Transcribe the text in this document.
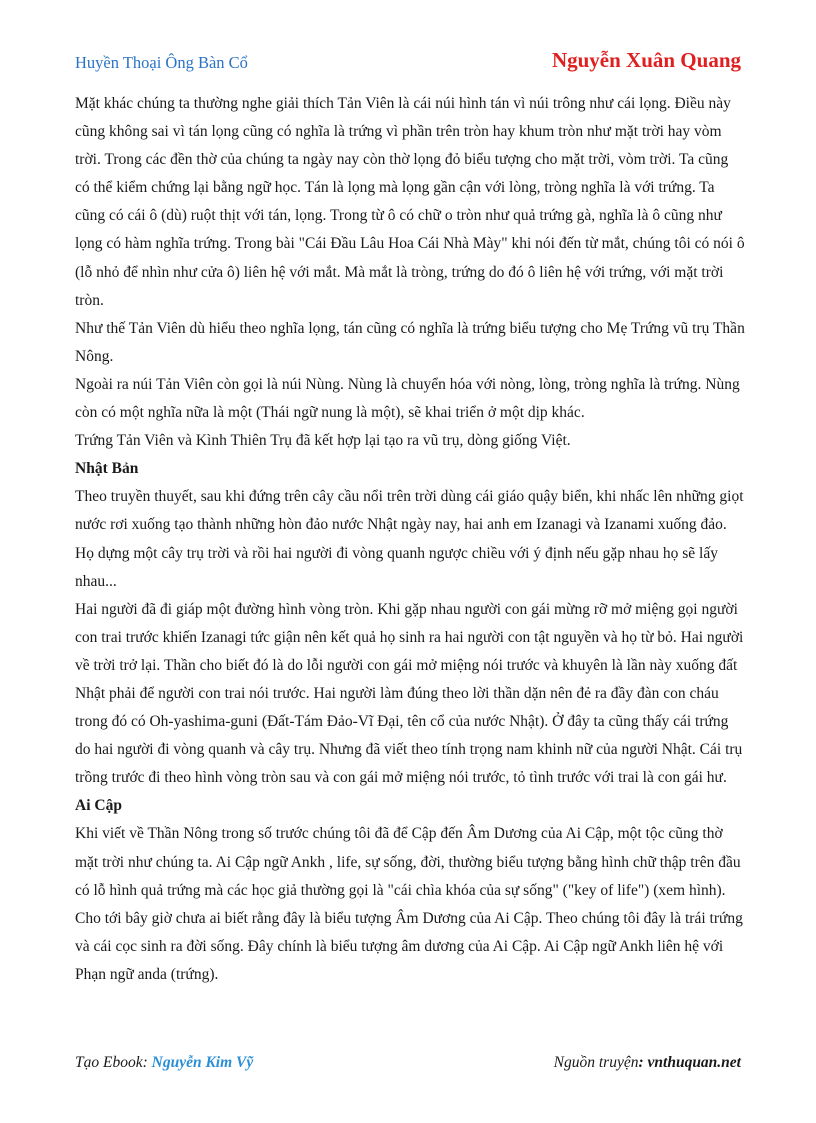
Huyền Thoại Ông Bàn Cổ	Nguyễn Xuân Quang

Mặt khác chúng ta thường nghe giải thích Tản Viên là cái núi hình tán vì núi trông như cái lọng. Điều này cũng không sai vì tán lọng cũng có nghĩa là trứng vì phần trên tròn hay khum tròn như mặt trời hay vòm trời. Trong các đền thờ của chúng ta ngày nay còn thờ lọng đỏ biểu tượng cho mặt trời, vòm trời. Ta cũng có thể kiểm chứng lại bằng ngữ học. Tán là lọng mà lọng gần cận với lòng, tròng nghĩa là với trứng. Ta cũng có cái ô (dù) ruột thịt với tán, lọng. Trong từ ô có chữ o tròn như quả trứng gà, nghĩa là ô cũng như lọng có hàm nghĩa trứng. Trong bài "Cái Đầu Lâu Hoa Cái Nhà Mày" khi nói đến từ mắt, chúng tôi có nói ô (lỗ nhỏ để nhìn như cửa ô) liên hệ với mắt. Mà mắt là tròng, trứng do đó ô liên hệ với trứng, với mặt trời tròn.

Như thế Tản Viên dù hiểu theo nghĩa lọng, tán cũng có nghĩa là trứng biểu tượng cho Mẹ Trứng vũ trụ Thần Nông.

Ngoài ra núi Tản Viên còn gọi là núi Nùng. Nùng là chuyển hóa với nòng, lòng, tròng nghĩa là trứng. Nùng còn có một nghĩa nữa là một (Thái ngữ nung là một), sẽ khai triển ở một dịp khác.

Trứng Tản Viên và Kình Thiên Trụ đã kết hợp lại tạo ra vũ trụ, dòng giống Việt.

Nhật Bản

Theo truyền thuyết, sau khi đứng trên cây cầu nổi trên trời dùng cái giáo quậy biển, khi nhấc lên những giọt nước rơi xuống tạo thành những hòn đảo nước Nhật ngày nay, hai anh em Izanagi và Izanami xuống đảo. Họ dựng một cây trụ trời và rồi hai người đi vòng quanh ngược chiều với ý định nếu gặp nhau họ sẽ lấy nhau...

Hai người đã đi giáp một đường hình vòng tròn. Khi gặp nhau người con gái mừng rỡ mở miệng gọi người con trai trước khiến Izanagi tức giận nên kết quả họ sinh ra hai người con tật nguyền và họ từ bỏ. Hai người về trời trở lại. Thần cho biết đó là do lỗi người con gái mở miệng nói trước và khuyên là lần này xuống đất Nhật phải để người con trai nói trước. Hai người làm đúng theo lời thần dặn nên đẻ ra đầy đàn con cháu trong đó có Oh-yashima-guni (Đất-Tám Đảo-Vĩ Đại, tên cổ của nước Nhật). Ở đây ta cũng thấy cái trứng do hai người đi vòng quanh và cây trụ. Nhưng đã viết theo tính trọng nam khinh nữ của người Nhật. Cái trụ trồng trước đi theo hình vòng tròn sau và con gái mở miệng nói trước, tỏ tình trước với trai là con gái hư.

Ai Cập

Khi viết về Thần Nông trong số trước chúng tôi đã để Cập đến Âm Dương của Ai Cập, một tộc cũng thờ mặt trời như chúng ta. Ai Cập ngữ Ankh , life, sự sống, đời, thường biểu tượng bằng hình chữ thập trên đầu có lỗ hình quả trứng mà các học giả thường gọi là "cái chìa khóa của sự sống" ("key of life") (xem hình).

Cho tới bây giờ chưa ai biết rằng đây là biểu tượng Âm Dương của Ai Cập. Theo chúng tôi đây là trái trứng và cái cọc sinh ra đời sống. Đây chính là biểu tượng âm dương của Ai Cập. Ai Cập ngữ Ankh liên hệ với Phạn ngữ anda (trứng).

Tạo Ebook: Nguyễn Kim Vỹ	Nguồn truyện: vnthuquan.net
